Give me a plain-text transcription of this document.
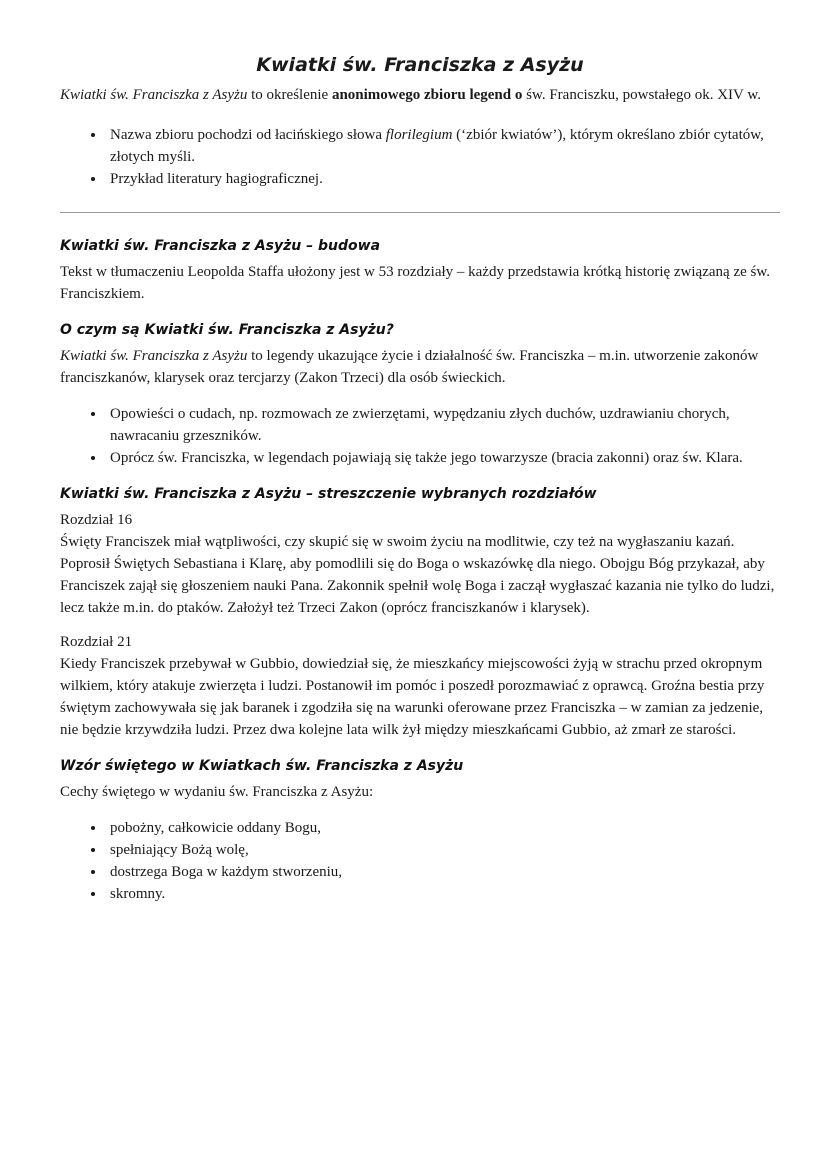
Kwiatki św. Franciszka z Asyżu

Kwiatki św. Franciszka z Asyżu to określenie anonimowego zbioru legend o św. Franciszku, powstałego ok. XIV w.

• Nazwa zbioru pochodzi od łacińskiego słowa florilegium (‘zbiór kwiatów’), którym określano zbiór cytatów, złotych myśli.
• Przykład literatury hagiograficznej.
Kwiatki św. Franciszka z Asyżu – budowa

Tekst w tłumaczeniu Leopolda Staffa ułożony jest w 53 rozdziały – każdy przedstawia krótką historię związaną ze św. Franciszkiem.

O czym są Kwiatki św. Franciszka z Asyżu?

Kwiatki św. Franciszka z Asyżu to legendy ukazujące życie i działalność św. Franciszka – m.in. utworzenie zakonów franciszkanów, klarysek oraz tercjarzy (Zakon Trzeci) dla osób świeckich.

• Opowieści o cudach, np. rozmowach ze zwierzętami, wypędzaniu złych duchów, uzdrawianiu chorych, nawracaniu grzeszników.
• Oprócz św. Franciszka, w legendach pojawiają się także jego towarzysze (bracia zakonni) oraz św. Klara.
Kwiatki św. Franciszka z Asyżu – streszczenie wybranych rozdziałów

Rozdział 16

Święty Franciszek miał wątpliwości, czy skupić się w swoim życiu na modlitwie, czy też na wygłaszaniu kazań. Poprosił Świętych Sebastiana i Klarę, aby pomodlili się do Boga o wskazówkę dla niego. Obojgu Bóg przykazał, aby Franciszek zajął się głoszeniem nauki Pana. Zakonnik spełnił wolę Boga i zaczął wygłaszać kazania nie tylko do ludzi, lecz także m.in. do ptaków. Założył też Trzeci Zakon (oprócz franciszkanów i klarysek).

Rozdział 21

Kiedy Franciszek przebywał w Gubbio, dowiedział się, że mieszkańcy miejscowości żyją w strachu przed okropnym wilkiem, który atakuje zwierzęta i ludzi. Postanowił im pomóc i poszedł porozmawiać z oprawcą. Groźna bestia przy świętym zachowywała się jak baranek i zgodziła się na warunki oferowane przez Franciszka – w zamian za jedzenie, nie będzie krzywdziła ludzi. Przez dwa kolejne lata wilk żył między mieszkańcami Gubbio, aż zmarł ze starości.

Wzór świętego w Kwiatkach św. Franciszka z Asyżu

Cechy świętego w wydaniu św. Franciszka z Asyżu:

• pobożny, całkowicie oddany Bogu,
• spełniający Bożą wolę,
• dostrzega Boga w każdym stworzeniu,
• skromny.
